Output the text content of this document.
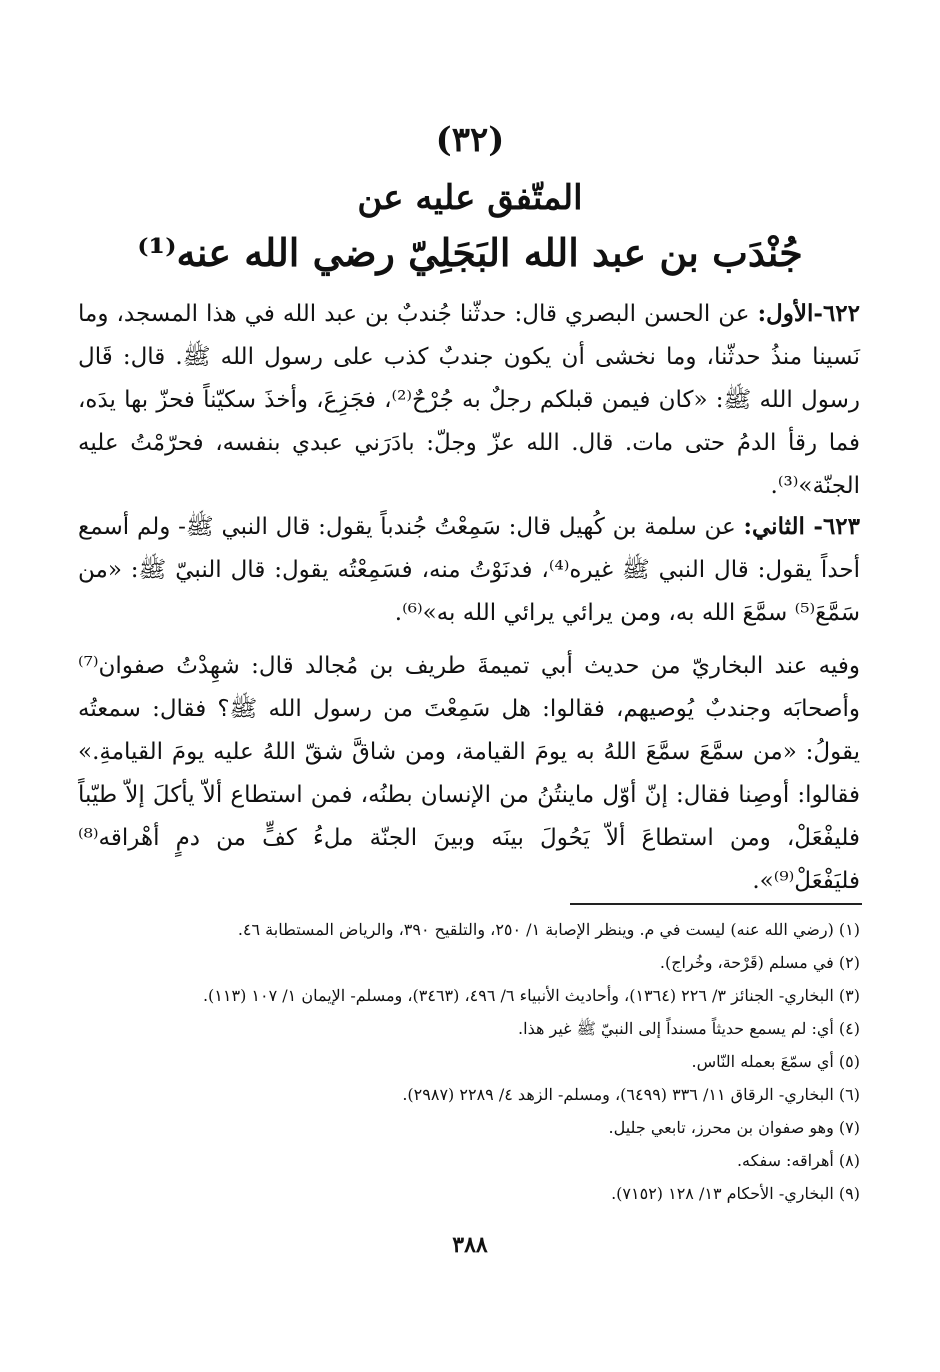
(٣٢)
المتّفق عليه عن
جُنْدَب بن عبد الله البَجَلِيّ رضي الله عنه⁽¹⁾

٦٢٢-الأول: عن الحسن البصري قال: حدثّنا جُندبٌ بن عبد الله في هذا المسجد، وما نَسينا منذُ حدثّنا، وما نخشى أن يكون جندبٌ كذب على رسول الله ﷺ. قال: قَال رسول الله ﷺ: «كان فيمن قبلكم رجلٌ به جُرْحٌ⁽²⁾، فجَزِعَ، وأخذَ سكيّناً فحزّ بها يدَه، فما رقأ الدمُ حتى مات. قال. الله عزّ وجلّ: بادَرَني عبدي بنفسه، فحرّمْتُ عليه الجنّة»⁽³⁾.

٦٢٣- الثاني: عن سلمة بن كُهيل قال: سَمِعْتُ جُندباً يقول: قال النبي ﷺ- ولم أسمع أحداً يقول: قال النبي ﷺ غيره⁽⁴⁾، فدنَوْتُ منه، فسَمِعْتُه يقول: قال النبيّ ﷺ: «من سَمَّعَ⁽⁵⁾ سمَّعَ الله به، ومن يرائي يرائي الله به»⁽⁶⁾.

وفيه عند البخاريّ من حديث أبي تميمةَ طريف بن مُجالد قال: شهِدْتُ صفوان⁽⁷⁾ وأصحابَه وجندبٌ يُوصيهم، فقالوا: هل سَمِعْتَ من رسول الله ﷺ؟ فقال: سمعتُه يقولُ: «من سمَّعَ سمَّعَ اللهُ به يومَ القيامة، ومن شاقَّ شقّ اللهُ عليه يومَ القيامةِ.» فقالوا: أوصِنا فقال: إنّ أوّل ماينتُنُ من الإنسان بطنُه، فمن استطاع ألاّ يأكلَ إلاّ طيّباً فليفْعَلْ، ومن استطاعَ ألاّ يَحُولَ بينَه وبينَ الجنّة ملءُ كفٍّ من دمٍ أهْراقه⁽⁸⁾ فليَفْعَلْ⁽⁹⁾».

(١) (رضي الله عنه) ليست في م. وينظر الإصابة ١/ ٢٥٠، والتلقيح ٣٩٠، والرياض المستطابة ٤٦.
(٢) في مسلم (قَرْحة، وخُراج).
(٣) البخاري- الجنائز ٣/ ٢٢٦ (١٣٦٤)، وأحاديث الأنبياء ٦/ ٤٩٦، (٣٤٦٣)، ومسلم- الإيمان ١/ ١٠٧ (١١٣).
(٤) أي: لم يسمع حديثاً مسنداً إلى النبيّ ﷺ غير هذا.
(٥) أي سمّعَ بعمله النّاس.
(٦) البخاري- الرقاق ١١/ ٣٣٦ (٦٤٩٩)، ومسلم- الزهد ٤/ ٢٢٨٩ (٢٩٨٧).
(٧) وهو صفوان بن محرز، تابعي جليل.
(٨) أهراقه: سفكه.
(٩) البخاري- الأحكام ١٣/ ١٢٨ (٧١٥٢).
٣٨٨
